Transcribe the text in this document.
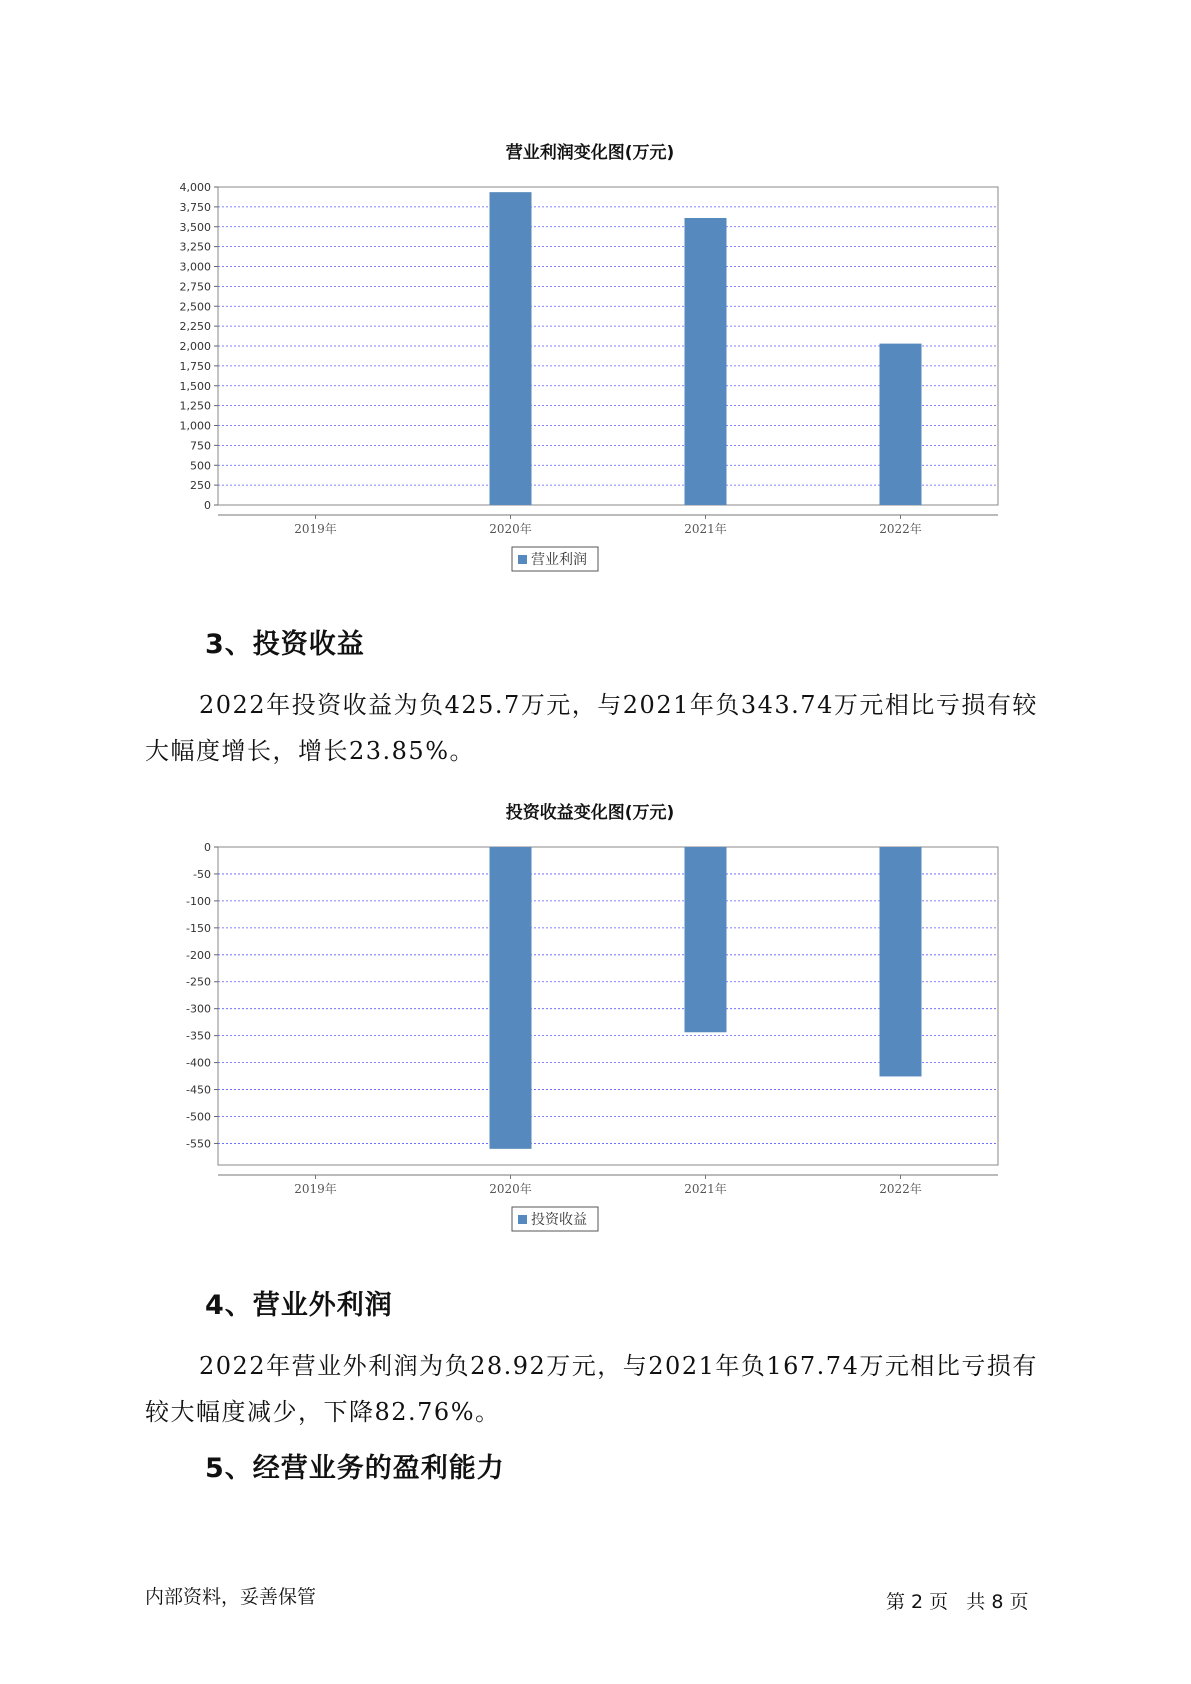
营业利润变化图(万元)
0
250
500
750
1,000
1,250
1,500
1,750
2,000
2,250
2,500
2,750
3,000
3,250
3,500
3,750
4,000
2019年	2020年	2021年	2022年
营业利润
3、投资收益

2022年投资收益为负425.7万元，与2021年负343.74万元相比亏损有较
大幅度增长，增长23.85%。

投资收益变化图(万元)
0
-50
-100
-150
-200
-250
-300
-350
-400
-450
-500
-550
2019年	2020年	2021年	2022年
投资收益
4、营业外利润

2022年营业外利润为负28.92万元，与2021年负167.74万元相比亏损有
较大幅度减少，下降82.76%。

5、经营业务的盈利能力
内部资料，妥善保管	第 2 页   共 8 页
